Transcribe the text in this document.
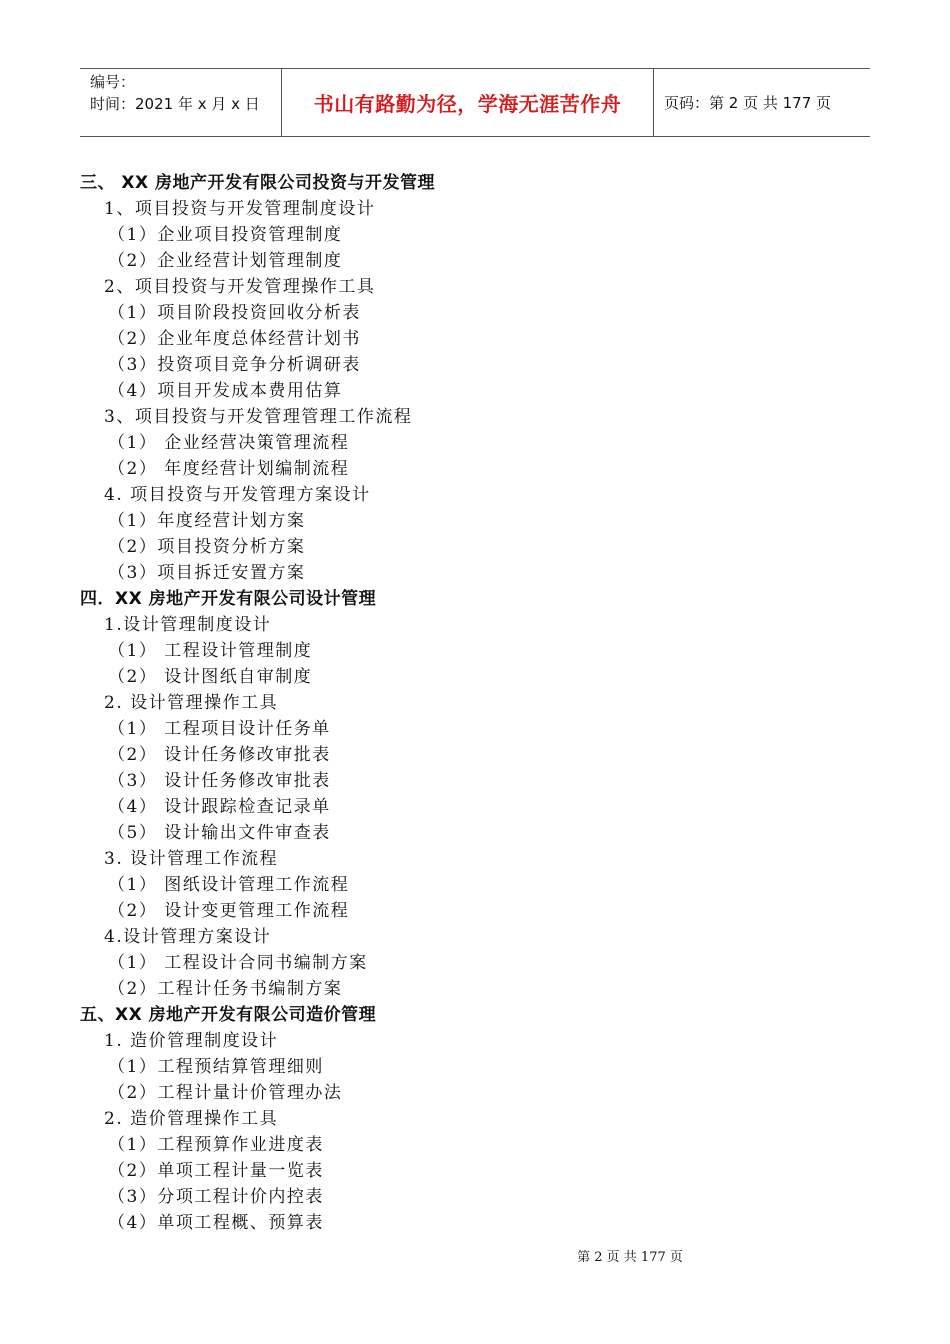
编号：
时间：2021 年 x 月 x 日	书山有路勤为径，学海无涯苦作舟	页码：第 2 页 共 177 页
三、 XX 房地产开发有限公司投资与开发管理
1、项目投资与开发管理制度设计
（1）企业项目投资管理制度
（2）企业经营计划管理制度
2、项目投资与开发管理操作工具
（1）项目阶段投资回收分析表
（2）企业年度总体经营计划书
（3）投资项目竞争分析调研表
（4）项目开发成本费用估算
3、项目投资与开发管理管理工作流程
（1） 企业经营决策管理流程
（2） 年度经营计划编制流程
4. 项目投资与开发管理方案设计
（1）年度经营计划方案
（2）项目投资分析方案
（3）项目拆迁安置方案
四．XX 房地产开发有限公司设计管理
1.设计管理制度设计
（1） 工程设计管理制度
（2） 设计图纸自审制度
2. 设计管理操作工具
（1） 工程项目设计任务单
（2） 设计任务修改审批表
（3） 设计任务修改审批表
（4） 设计跟踪检查记录单
（5） 设计输出文件审查表
3. 设计管理工作流程
（1） 图纸设计管理工作流程
（2） 设计变更管理工作流程
4.设计管理方案设计
（1） 工程设计合同书编制方案
（2）工程计任务书编制方案
五、XX 房地产开发有限公司造价管理
1. 造价管理制度设计
（1）工程预结算管理细则
（2）工程计量计价管理办法
2. 造价管理操作工具
（1）工程预算作业进度表
（2）单项工程计量一览表
（3）分项工程计价内控表
（4）单项工程概、预算表
第 2 页 共 177 页
